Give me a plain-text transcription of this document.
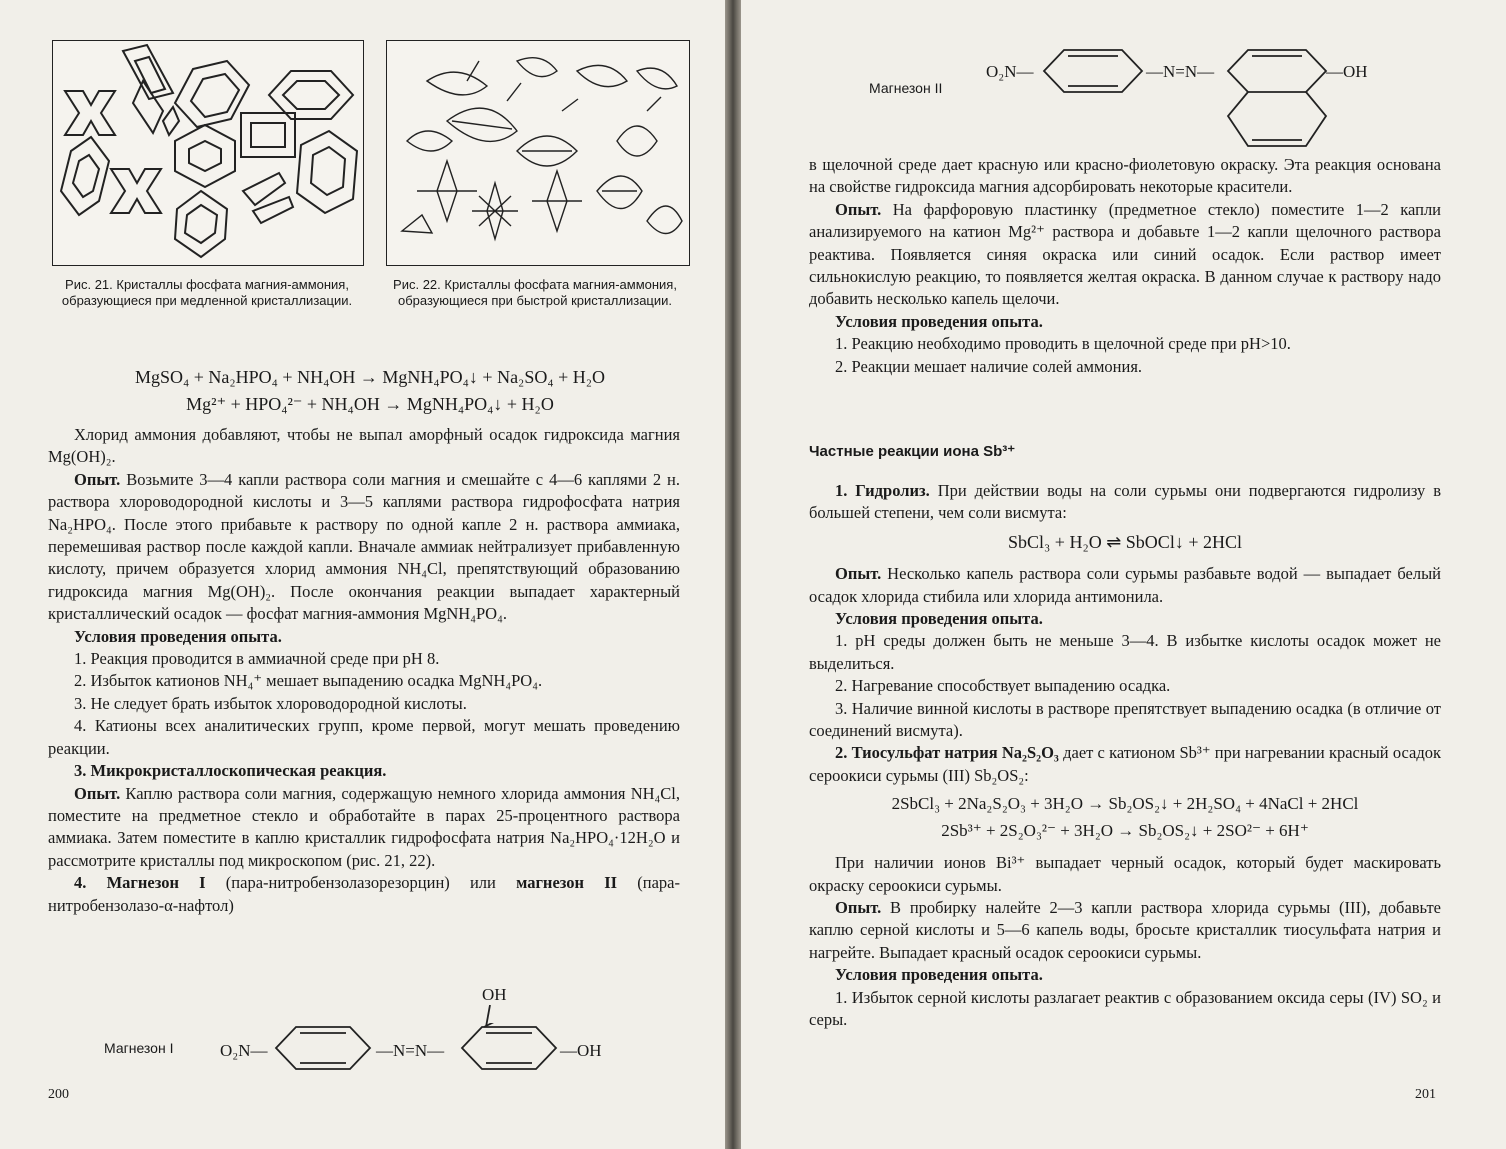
Рис. 21. Кристаллы фосфата магния-аммония, образующиеся при медленной кристаллизации.
Рис. 22. Кристаллы фосфата магния-аммония, образующиеся при быстрой кристаллизации.
MgSO₄ + Na₂HPO₄ + NH₄OH → MgNH₄PO₄↓ + Na₂SO₄ + H₂O
Mg²⁺ + HPO₄²⁻ + NH₄OH → MgNH₄PO₄↓ + H₂O
Хлорид аммония добавляют, чтобы не выпал аморфный осадок гидроксида магния Mg(OH)₂.
Опыт. Возьмите 3—4 капли раствора соли магния и смешайте с 4—6 каплями 2 н. раствора хлороводородной кислоты и 3—5 каплями раствора гидрофосфата натрия Na₂HPO₄. После этого прибавьте к раствору по одной капле 2 н. раствора аммиака, перемешивая раствор после каждой капли. Вначале аммиак нейтрализует прибавленную кислоту, причем образуется хлорид аммония NH₄Cl, препятствующий образованию гидроксида магния Mg(OH)₂. После окончания реакции выпадает характерный кристаллический осадок — фосфат магния-аммония MgNH₄PO₄.
Условия проведения опыта.
1. Реакция проводится в аммиачной среде при pH 8.
2. Избыток катионов NH₄⁺ мешает выпадению осадка MgNH₄PO₄.
3. Не следует брать избыток хлороводородной кислоты.
4. Катионы всех аналитических групп, кроме первой, могут мешать проведению реакции.
3. Микрокристаллоскопическая реакция.
Опыт. Каплю раствора соли магния, содержащую немного хлорида аммония NH₄Cl, поместите на предметное стекло и обработайте в парах 25-процентного раствора аммиака. Затем поместите в каплю кристаллик гидрофосфата натрия Na₂HPO₄·12H₂O и рассмотрите кристаллы под микроскопом (рис. 21, 22).
4. Магнезон I (пара-нитробензолазорезорцин) или магнезон II (пара-нитробензолазо-α-нафтол)
Магнезон I	O₂N—	—N=N—
OH
—OH
200
Магнезон II
O₂N—	—N=N—	—OH
в щелочной среде дает красную или красно-фиолетовую окраску. Эта реакция основана на свойстве гидроксида магния адсорбировать некоторые красители.
Опыт. На фарфоровую пластинку (предметное стекло) поместите 1—2 капли анализируемого на катион Mg²⁺ раствора и добавьте 1—2 капли щелочного раствора реактива. Появляется синяя окраска или синий осадок. Если раствор имеет сильнокислую реакцию, то появляется желтая окраска. В данном случае к раствору надо добавить несколько капель щелочи.
Условия проведения опыта.
1. Реакцию необходимо проводить в щелочной среде при pH>10.
2. Реакции мешает наличие солей аммония.
Частные реакции иона Sb³⁺
1. Гидролиз. При действии воды на соли сурьмы они подвергаются гидролизу в большей степени, чем соли висмута:
SbCl₃ + H₂O ⇌ SbOCl↓ + 2HCl
Опыт. Несколько капель раствора соли сурьмы разбавьте водой — выпадает белый осадок хлорида стибила или хлорида антимонила.
Условия проведения опыта.
1. pH среды должен быть не меньше 3—4. В избытке кислоты осадок может не выделиться.
2. Нагревание способствует выпадению осадка.
3. Наличие винной кислоты в растворе препятствует выпадению осадка (в отличие от соединений висмута).
2. Тиосульфат натрия Na₂S₂O₃ дает с катионом Sb³⁺ при нагревании красный осадок сероокиси сурьмы (III) Sb₂OS₂:
2SbCl₃ + 2Na₂S₂O₃ + 3H₂O → Sb₂OS₂↓ + 2H₂SO₄ + 4NaCl + 2HCl
2Sb³⁺ + 2S₂O₃²⁻ + 3H₂O → Sb₂OS₂↓ + 2SO²⁻ + 6H⁺
При наличии ионов Bi³⁺ выпадает черный осадок, который будет маскировать окраску сероокиси сурьмы.
Опыт. В пробирку налейте 2—3 капли раствора хлорида сурьмы (III), добавьте каплю серной кислоты и 5—6 капель воды, бросьте кристаллик тиосульфата натрия и нагрейте. Выпадает красный осадок сероокиси сурьмы.
Условия проведения опыта.
1. Избыток серной кислоты разлагает реактив с образованием оксида серы (IV) SO₂ и серы.
201
